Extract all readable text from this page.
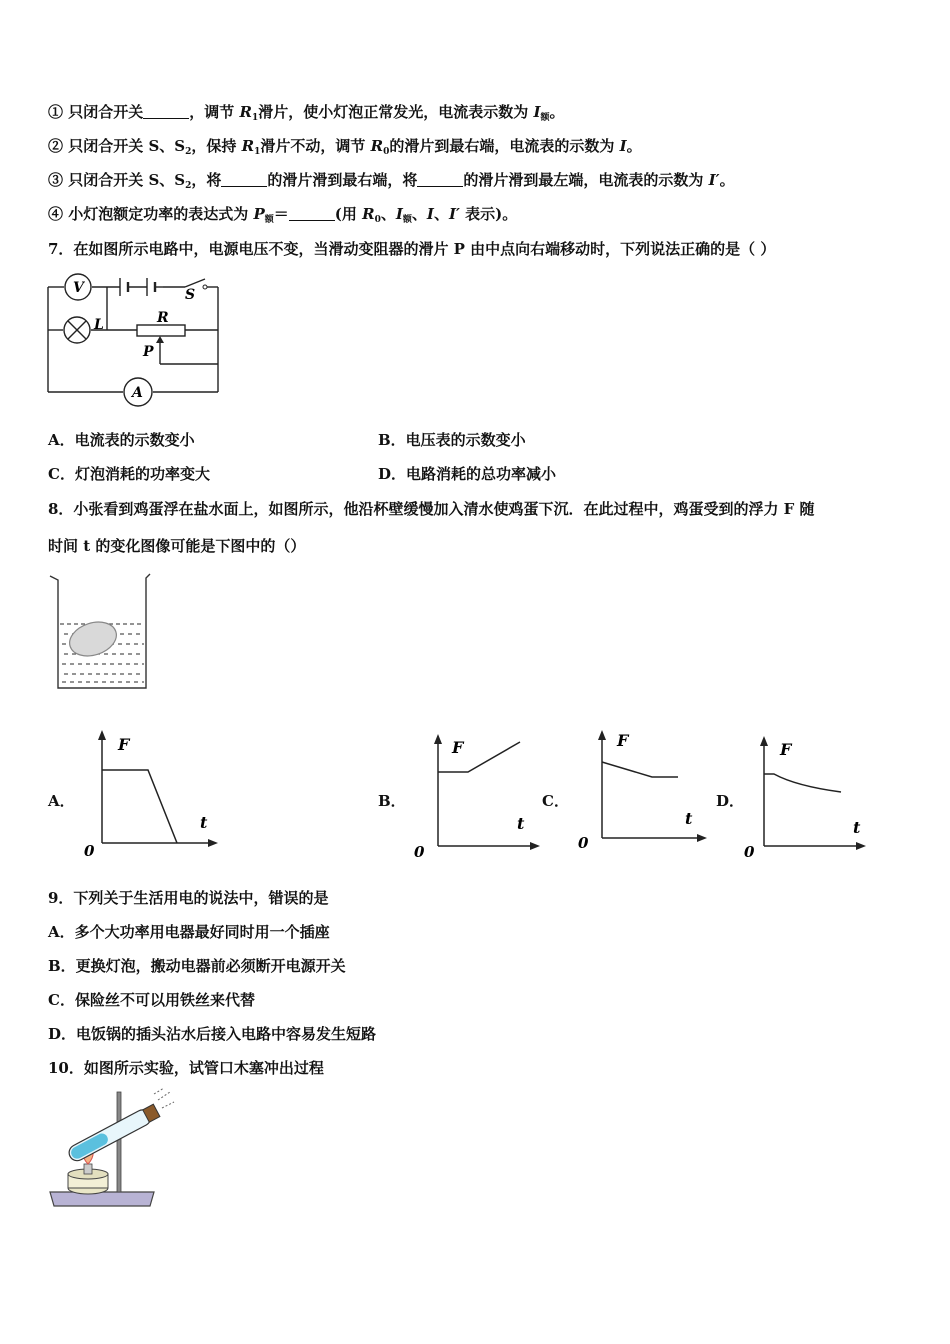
① 只闭合开关	，调节 $R_1$滑片，使小灯泡正常发光，电流表示数为 $I_额$。
② 只闭合开关 S、$S_2$，保持 $R_1$滑片不动，调节 $R_0$的滑片到最右端，电流表的示数为 I。
③ 只闭合开关 S、$S_2$，将	的滑片滑到最右端，将	的滑片滑到最左端，电流表的示数为 I′。
④ 小灯泡额定功率的表达式为 $P_额=$	(用 $R_0$、$I_额$、I、I′ 表示)。
7．在如图所示电路中，电源电压不变，当滑动变阻器的滑片 P 由中点向右端移动时，下列说法正确的是（ ）
V
A
S
L	R
P
A．电流表的示数变小	B．电压表的示数变小
C．灯泡消耗的功率变大	D．电路消耗的总功率减小
8．小张看到鸡蛋浮在盐水面上，如图所示，他沿杯壁缓慢加入清水使鸡蛋下沉．在此过程中，鸡蛋受到的浮力 F 随
时间 t 的变化图像可能是下图中的（）
A．	B．	C．	D．
F
t
0
F
t
0
F
t
0
F
t
0
9．下列关于生活用电的说法中，错误的是
A．多个大功率用电器最好同时用一个插座
B．更换灯泡，搬动电器前必须断开电源开关
C．保险丝不可以用铁丝来代替
D．电饭锅的插头沾水后接入电路中容易发生短路
10．如图所示实验，试管口木塞冲出过程
